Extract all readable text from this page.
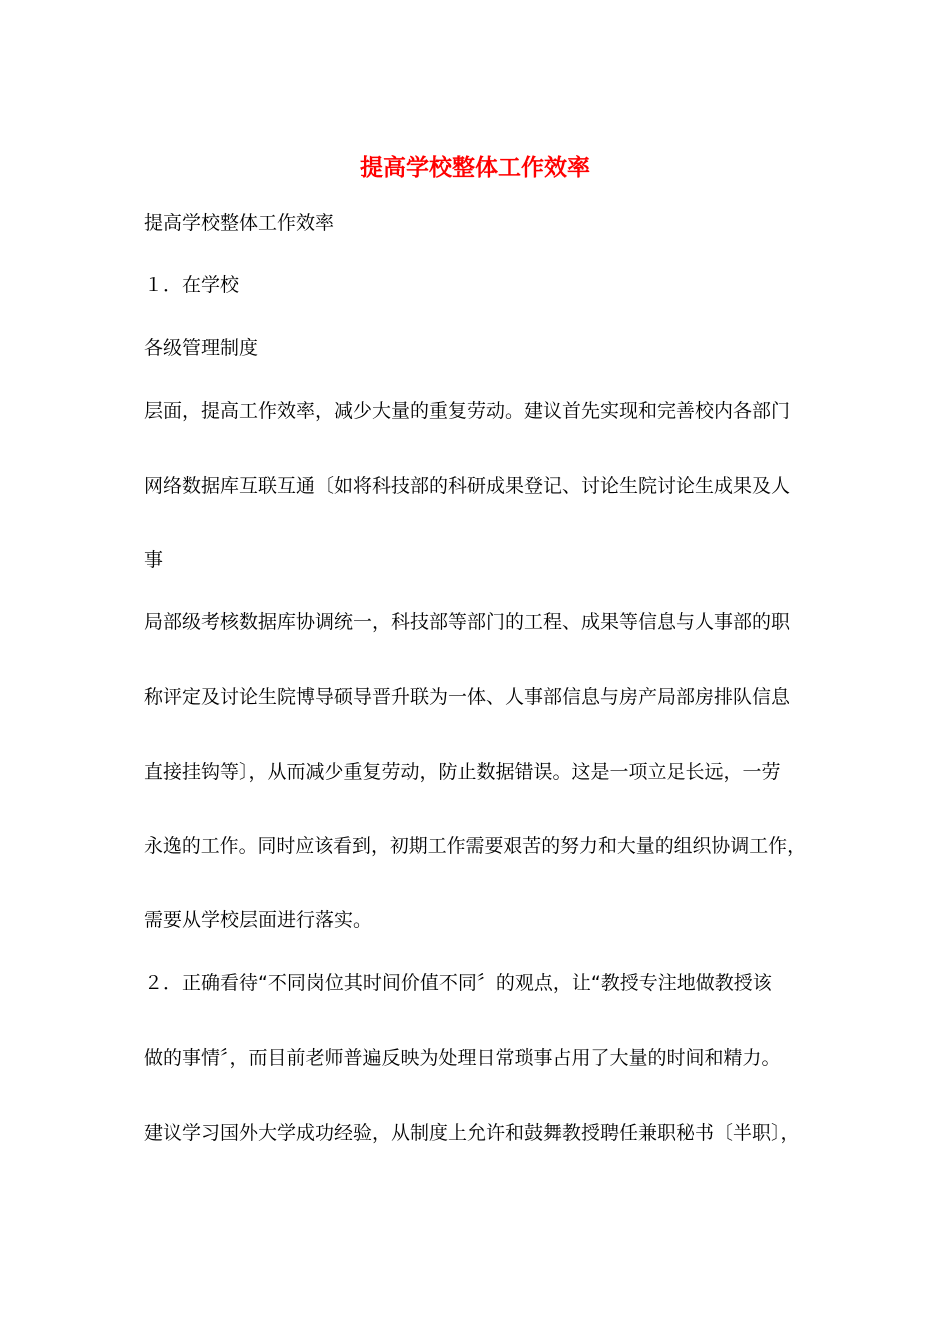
提高学校整体工作效率
提高学校整体工作效率
１．在学校
各级管理制度
层面，提高工作效率，减少大量的重复劳动。建议首先实现和完善校内各部门
网络数据库互联互通〔如将科技部的科研成果登记、讨论生院讨论生成果及人
事
局部级考核数据库协调统一，科技部等部门的工程、成果等信息与人事部的职
称评定及讨论生院博导硕导晋升联为一体、人事部信息与房产局部房排队信息
直接挂钩等〕，从而减少重复劳动，防止数据错误。这是一项立足长远，一劳
永逸的工作。同时应该看到，初期工作需要艰苦的努力和大量的组织协调工作，
需要从学校层面进行落实。
２．正确看待“不同岗位其时间价值不同〞的观点，让“教授专注地做教授该
做的事情〞，而目前老师普遍反映为处理日常琐事占用了大量的时间和精力。
建议学习国外大学成功经验，从制度上允许和鼓舞教授聘任兼职秘书〔半职〕，
